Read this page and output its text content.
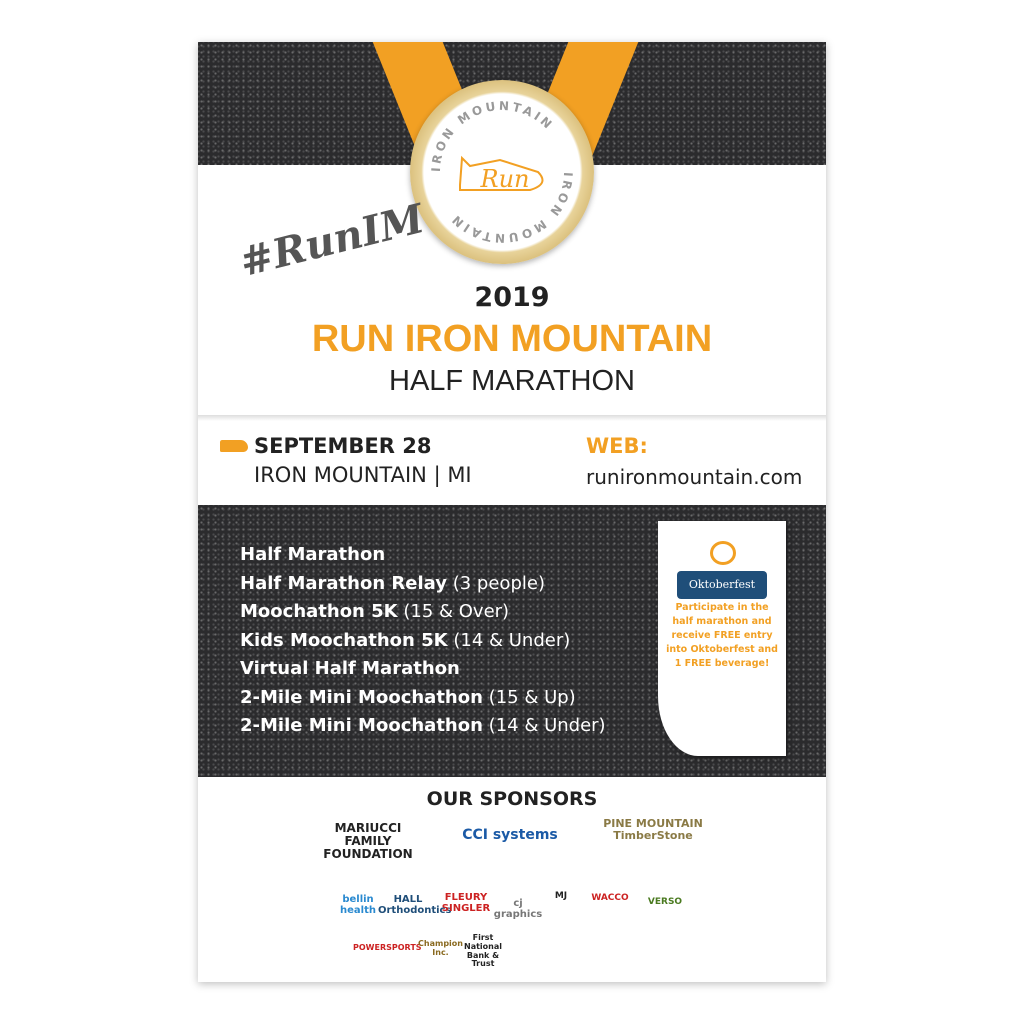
IRON MOUNTAIN
IRON MOUNTAIN
Run
#RunIM
2019
RUN IRON MOUNTAIN
HALF MARATHON
SEPTEMBER 28
IRON MOUNTAIN | MI
WEB:
runironmountain.com
Half Marathon
Half Marathon Relay (3 people)
Moochathon 5K (15 & Over)
Kids Moochathon 5K (14 & Under)
Virtual Half Marathon
2-Mile Mini Moochathon (15 & Up)
2-Mile Mini Moochathon (14 & Under)
Oktoberfest
Participate in the half marathon and receive FREE entry into Oktoberfest and 1 FREE beverage!
OUR SPONSORS
MARIUCCI FAMILY FOUNDATION
CCI systems
PINE MOUNTAIN TimberStone
bellin health
HALL Orthodontics
FLEURY SINGLER	cj graphics
MJ	WACCO	VERSO
POWERSPORTS
Champion Inc.
First National Bank & Trust
